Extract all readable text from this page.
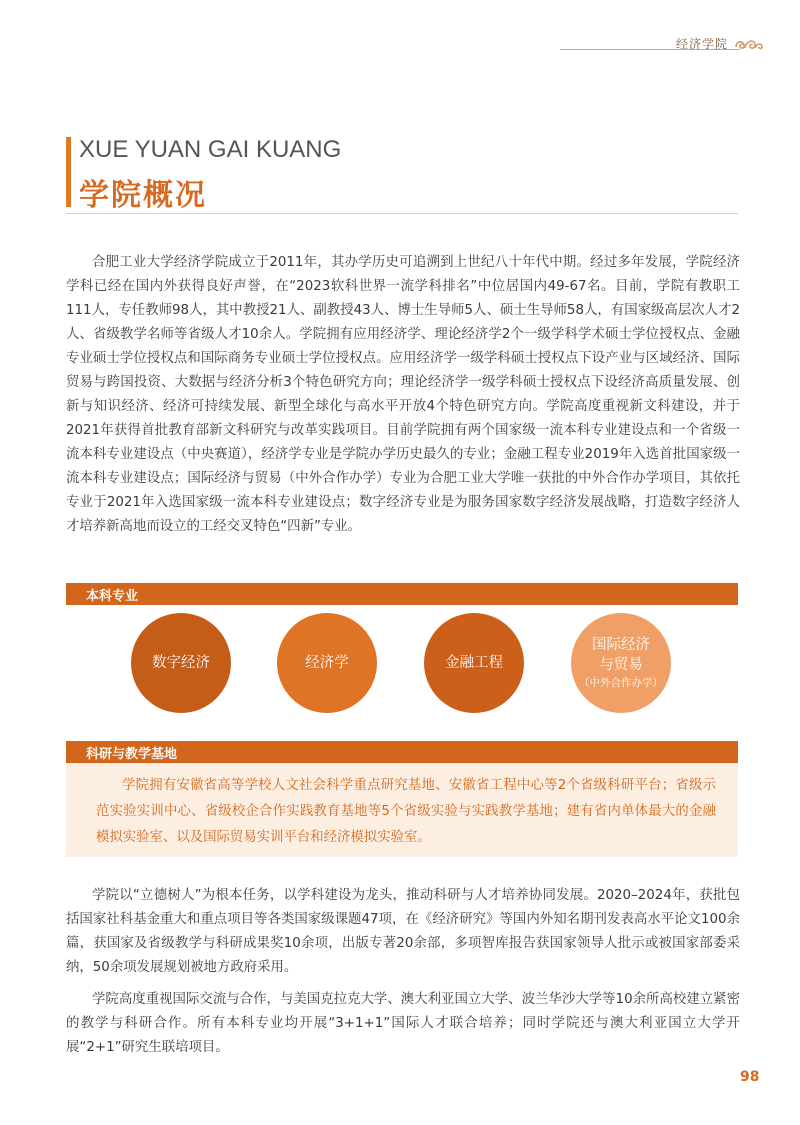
经济学院
XUE YUAN GAI KUANG
学院概况

合肥工业大学经济学院成立于2011年，其办学历史可追溯到上世纪八十年代中期。经过多年发展，学院经济学科已经在国内外获得良好声誉，在“2023软科世界一流学科排名”中位居国内49-67名。目前，学院有教职工111人，专任教师98人，其中教授21人、副教授43人、博士生导师5人、硕士生导师58人，有国家级高层次人才2人、省级教学名师等省级人才10余人。学院拥有应用经济学、理论经济学2个一级学科学术硕士学位授权点、金融专业硕士学位授权点和国际商务专业硕士学位授权点。应用经济学一级学科硕士授权点下设产业与区域经济、国际贸易与跨国投资、大数据与经济分析3个特色研究方向；理论经济学一级学科硕士授权点下设经济高质量发展、创新与知识经济、经济可持续发展、新型全球化与高水平开放4个特色研究方向。学院高度重视新文科建设，并于2021年获得首批教育部新文科研究与改革实践项目。目前学院拥有两个国家级一流本科专业建设点和一个省级一流本科专业建设点（中央赛道），经济学专业是学院办学历史最久的专业；金融工程专业2019年入选首批国家级一流本科专业建设点；国际经济与贸易（中外合作办学）专业为合肥工业大学唯一获批的中外合作办学项目，其依托专业于2021年入选国家级一流本科专业建设点；数字经济专业是为服务国家数字经济发展战略，打造数字经济人才培养新高地而设立的工经交叉特色“四新”专业。

本科专业
数字经济	经济学	金融工程
国际经济
与贸易
（中外合作办学）
科研与教学基地

学院拥有安徽省高等学校人文社会科学重点研究基地、安徽省工程中心等2个省级科研平台；省级示范实验实训中心、省级校企合作实践教育基地等5个省级实验与实践教学基地；建有省内单体最大的金融模拟实验室、以及国际贸易实训平台和经济模拟实验室。

学院以“立德树人”为根本任务，以学科建设为龙头，推动科研与人才培养协同发展。2020–2024年，获批包括国家社科基金重大和重点项目等各类国家级课题47项，在《经济研究》等国内外知名期刊发表高水平论文100余篇，获国家及省级教学与科研成果奖10余项，出版专著20余部，多项智库报告获国家领导人批示或被国家部委采纳，50余项发展规划被地方政府采用。

学院高度重视国际交流与合作，与美国克拉克大学、澳大利亚国立大学、波兰华沙大学等10余所高校建立紧密的教学与科研合作。所有本科专业均开展“3+1+1”国际人才联合培养；同时学院还与澳大利亚国立大学开展“2+1”研究生联培项目。

98
